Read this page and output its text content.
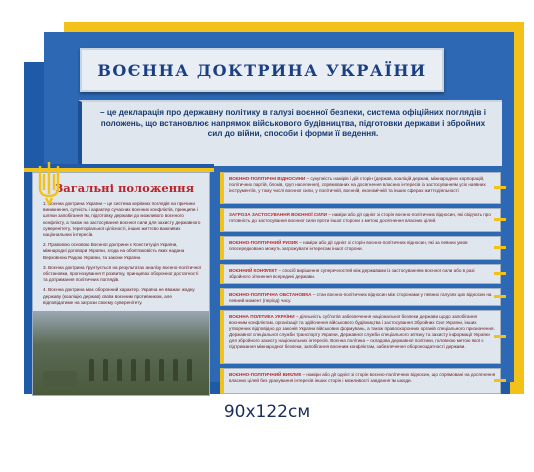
ВОЄННА ДОКТРИНА УКРАЇНИ
– це декларація про державну політику в галузі воєнної безпеки, система офіційних поглядів і положень, що встановлює напрямок військового будівництва, підготовки держави і збройних сил до війни, способи і форми її ведення.
Загальні положення

1. Воєнна доктрина України – це система керівних поглядів на причини виникнення, сутність і характер сучасних воєнних конфліктів, принципи і шляхи запобігання їм, підготовку держави до можливого воєнного конфлікту, а також на застосування воєнної сили для захисту державного суверенітету, територіальної цілісності, інших життєво важливих національних інтересів.

2. Правовою основою Воєнної доктрини є Конституція України, міжнародні договори України, згода на обов'язковість яких надана Верховною Радою України, та закони України.

3. Воєнна доктрина ґрунтується на результатах аналізу воєнно-політичної обстановки, прогнозування її розвитку, принципах оборонної достатності та дотримання політичних поглядів.

4. Воєнна доктрина має оборонний характер. Україна не вважає жодну державу (коаліцію держав) своїм воєнним противником, але відповідатиме на загрози своєму суверенітету.

ВОЄННО-ПОЛІТИЧНІ ВІДНОСИНИ – сукупність намірів і дій сторін (держав, коаліцій держав, міжнародних корпорацій, політичних партій, блоків, груп населення), спрямованих на досягнення власних інтересів із застосуванням усіх наявних інструментів, у тому числі воєнної сили, у політичній, воєнній, економічній та інших сферах життєдіяльності
ЗАГРОЗА ЗАСТОСУВАННЯ ВОЄННОЇ СИЛИ – наміри або дії однієї зі сторін воєнно-політичних відносин, які свідчать про готовність до застосування воєнної сили проти іншої сторони з метою досягнення власних цілей.
ВОЄННО-ПОЛІТИЧНИЙ РИЗИК – наміри або дії однієї зі сторін воєнно-політичних відносин, які за певних умов опосередковано можуть загрожувати інтересам іншої сторони.
ВОЄННИЙ КОНФЛІКТ – спосіб вирішення суперечностей між державами із застосуванням воєнної сили або в разі збройного зіткнення всередині держави.
ВОЄННО-ПОЛІТИЧНА ОБСТАНОВКА – стан воєнно-політичних відносин між сторонами у певних галузях цих відносин на певний момент (період) часу.
ВОЄННА ПОЛІТИКА УКРАЇНИ – діяльність суб'єктів забезпечення національної безпеки держави щодо запобігання воєнним конфліктам, організації та здійснення військового будівництва і застосування Збройних Сил України, інших утворених відповідно до законів України військових формувань, а також правоохоронних органів спеціального призначення. Державної спеціальної служби транспорту України, Державної служби спеціального зв'язку та захисту інформації України для збройного захисту національних інтересів. Воєнна політика – складова державної політики, головною метою якої є підтримання міжнародної безпеки, запобігання воєнним конфліктам, забезпечення обороноздатності держави.
ВОЄННО-ПОЛІТИЧНИЙ ВИКЛИК – наміри або дії однієї зі сторін воєнно-політичних відносин, що спрямовані на досягнення власних цілей без урахування інтересів інших сторін і можливості завдання їм шкоди.
90х122см
